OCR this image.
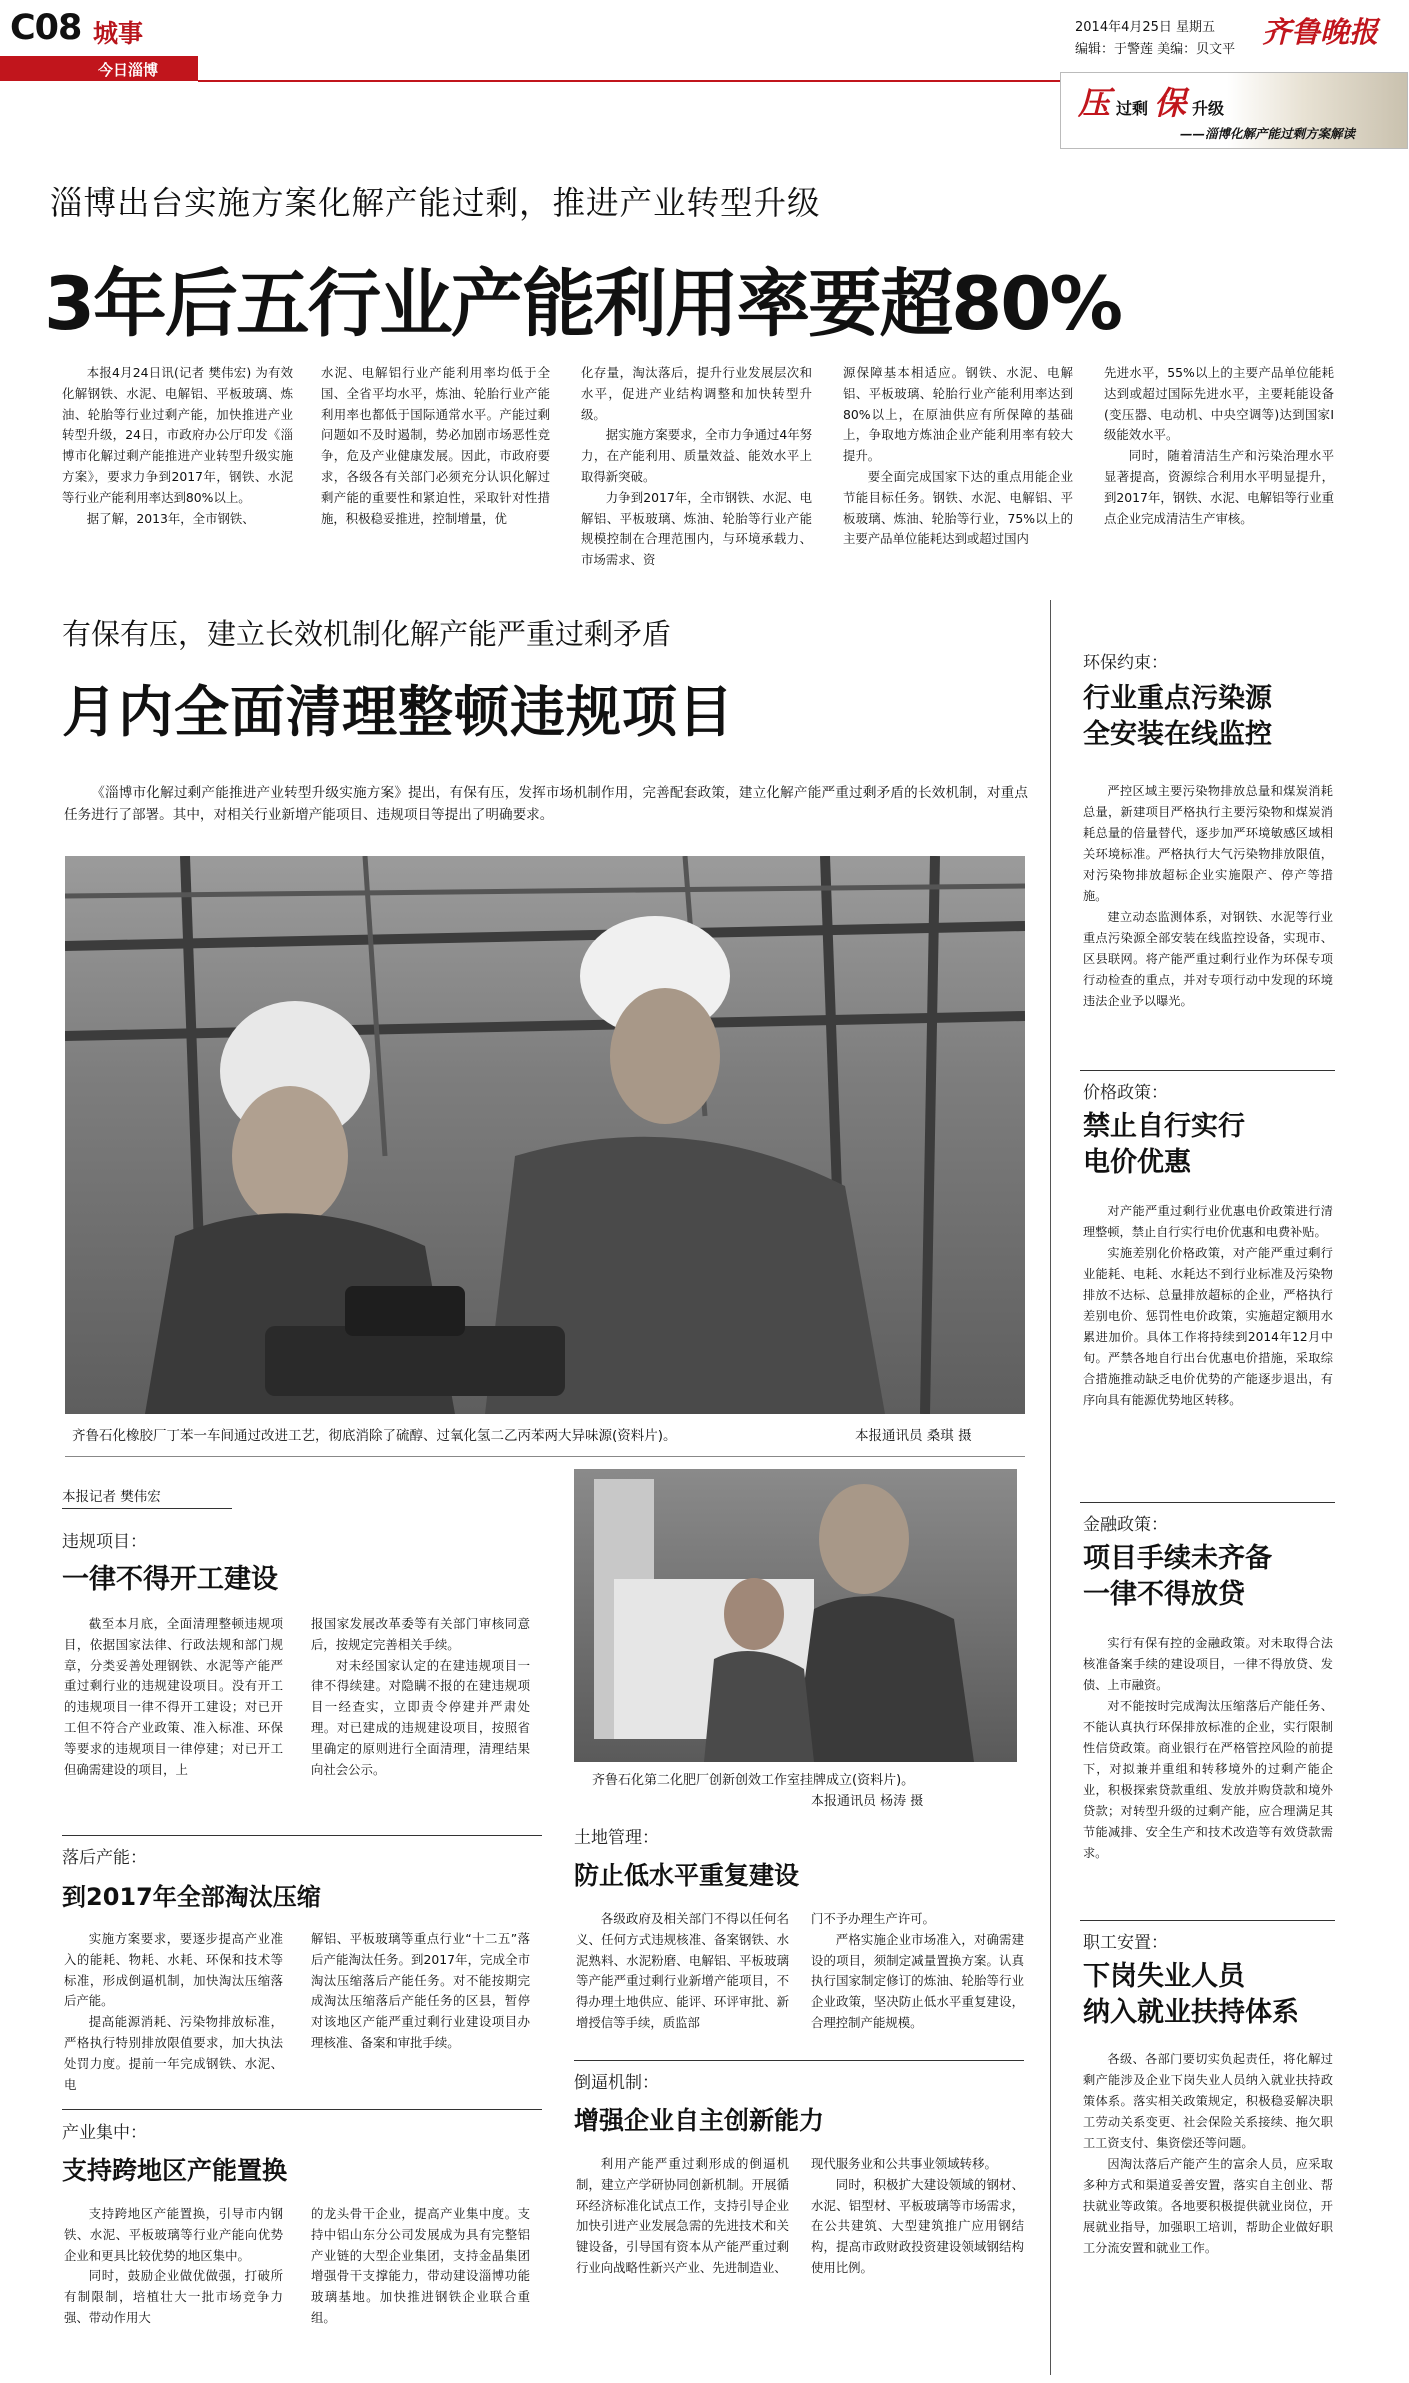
C08 城事
今日淄博
2014年4月25日 星期五
编辑：于警莲 美编：贝文平
齐鲁晚报
压过剩 保 升级
——淄博化解产能过剩方案解读
淄博出台实施方案化解产能过剩，推进产业转型升级
3年后五行业产能利用率要超80%

本报4月24日讯(记者 樊伟宏) 为有效化解钢铁、水泥、电解铝、平板玻璃、炼油、轮胎等行业过剩产能，加快推进产业转型升级，24日，市政府办公厅印发《淄博市化解过剩产能推进产业转型升级实施方案》，要求力争到2017年，钢铁、水泥等行业产能利用率达到80%以上。

据了解，2013年，全市钢铁、

水泥、电解铝行业产能利用率均低于全国、全省平均水平，炼油、轮胎行业产能利用率也都低于国际通常水平。产能过剩问题如不及时遏制，势必加剧市场恶性竞争，危及产业健康发展。因此，市政府要求，各级各有关部门必须充分认识化解过剩产能的重要性和紧迫性，采取针对性措施，积极稳妥推进，控制增量，优

化存量，淘汰落后，提升行业发展层次和水平，促进产业结构调整和加快转型升级。

据实施方案要求，全市力争通过4年努力，在产能利用、质量效益、能效水平上取得新突破。

力争到2017年，全市钢铁、水泥、电解铝、平板玻璃、炼油、轮胎等行业产能规模控制在合理范围内，与环境承载力、市场需求、资

源保障基本相适应。钢铁、水泥、电解铝、平板玻璃、轮胎行业产能利用率达到80%以上，在原油供应有所保障的基础上，争取地方炼油企业产能利用率有较大提升。

要全面完成国家下达的重点用能企业节能目标任务。钢铁、水泥、电解铝、平板玻璃、炼油、轮胎等行业，75%以上的主要产品单位能耗达到或超过国内

先进水平，55%以上的主要产品单位能耗达到或超过国际先进水平，主要耗能设备(变压器、电动机、中央空调等)达到国家Ⅰ级能效水平。

同时，随着清洁生产和污染治理水平显著提高，资源综合利用水平明显提升，到2017年，钢铁、水泥、电解铝等行业重点企业完成清洁生产审核。

有保有压，建立长效机制化解产能严重过剩矛盾
月内全面清理整顿违规项目
《淄博市化解过剩产能推进产业转型升级实施方案》提出，有保有压，发挥市场机制作用，完善配套政策，建立化解产能严重过剩矛盾的长效机制，对重点任务进行了部署。其中，对相关行业新增产能项目、违规项目等提出了明确要求。
齐鲁石化橡胶厂丁苯一车间通过改进工艺，彻底消除了硫醇、过氧化氢二乙丙苯两大异味源(资料片)。	本报通讯员 桑琪 摄
本报记者 樊伟宏
齐鲁石化第二化肥厂创新创效工作室挂牌成立(资料片)。
本报通讯员 杨涛 摄
违规项目：
一律不得开工建设

截至本月底，全面清理整顿违规项目，依据国家法律、行政法规和部门规章，分类妥善处理钢铁、水泥等产能严重过剩行业的违规建设项目。没有开工的违规项目一律不得开工建设；对已开工但不符合产业政策、准入标准、环保等要求的违规项目一律停建；对已开工但确需建设的项目，上

报国家发展改革委等有关部门审核同意后，按规定完善相关手续。

对未经国家认定的在建违规项目一律不得续建。对隐瞒不报的在建违规项目一经查实，立即责令停建并严肃处理。对已建成的违规建设项目，按照省里确定的原则进行全面清理，清理结果向社会公示。

落后产能：
到2017年全部淘汰压缩

实施方案要求，要逐步提高产业准入的能耗、物耗、水耗、环保和技术等标准，形成倒逼机制，加快淘汰压缩落后产能。

提高能源消耗、污染物排放标准，严格执行特别排放限值要求，加大执法处罚力度。提前一年完成钢铁、水泥、电

解铝、平板玻璃等重点行业“十二五”落后产能淘汰任务。到2017年，完成全市淘汰压缩落后产能任务。对不能按期完成淘汰压缩落后产能任务的区县，暂停对该地区产能严重过剩行业建设项目办理核准、备案和审批手续。

产业集中：
支持跨地区产能置换

支持跨地区产能置换，引导市内钢铁、水泥、平板玻璃等行业产能向优势企业和更具比较优势的地区集中。

同时，鼓励企业做优做强，打破所有制限制，培植壮大一批市场竞争力强、带动作用大

的龙头骨干企业，提高产业集中度。支持中铝山东分公司发展成为具有完整铝产业链的大型企业集团，支持金晶集团增强骨干支撑能力，带动建设淄博功能玻璃基地。加快推进钢铁企业联合重组。

土地管理：
防止低水平重复建设

各级政府及相关部门不得以任何名义、任何方式违规核准、备案钢铁、水泥熟料、水泥粉磨、电解铝、平板玻璃等产能严重过剩行业新增产能项目，不得办理土地供应、能评、环评审批、新增授信等手续，质监部

门不予办理生产许可。

严格实施企业市场准入，对确需建设的项目，须制定减量置换方案。认真执行国家制定修订的炼油、轮胎等行业企业政策，坚决防止低水平重复建设，合理控制产能规模。

倒逼机制：
增强企业自主创新能力

利用产能严重过剩形成的倒逼机制，建立产学研协同创新机制。开展循环经济标准化试点工作，支持引导企业加快引进产业发展急需的先进技术和关键设备，引导国有资本从产能严重过剩行业向战略性新兴产业、先进制造业、

现代服务业和公共事业领域转移。

同时，积极扩大建设领域的钢材、水泥、铝型材、平板玻璃等市场需求，在公共建筑、大型建筑推广应用钢结构，提高市政财政投资建设领域钢结构使用比例。

环保约束：
行业重点污染源
全安装在线监控

严控区域主要污染物排放总量和煤炭消耗总量，新建项目严格执行主要污染物和煤炭消耗总量的倍量替代，逐步加严环境敏感区域相关环境标准。严格执行大气污染物排放限值，对污染物排放超标企业实施限产、停产等措施。

建立动态监测体系，对钢铁、水泥等行业重点污染源全部安装在线监控设备，实现市、区县联网。将产能严重过剩行业作为环保专项行动检查的重点，并对专项行动中发现的环境违法企业予以曝光。

价格政策：
禁止自行实行
电价优惠

对产能严重过剩行业优惠电价政策进行清理整顿，禁止自行实行电价优惠和电费补贴。

实施差别化价格政策，对产能严重过剩行业能耗、电耗、水耗达不到行业标准及污染物排放不达标、总量排放超标的企业，严格执行差别电价、惩罚性电价政策，实施超定额用水累进加价。具体工作将持续到2014年12月中旬。严禁各地自行出台优惠电价措施，采取综合措施推动缺乏电价优势的产能逐步退出，有序向具有能源优势地区转移。

金融政策：
项目手续未齐备
一律不得放贷

实行有保有控的金融政策。对未取得合法核准备案手续的建设项目，一律不得放贷、发债、上市融资。

对不能按时完成淘汰压缩落后产能任务、不能认真执行环保排放标准的企业，实行限制性信贷政策。商业银行在严格管控风险的前提下，对拟兼并重组和转移境外的过剩产能企业，积极探索贷款重组、发放并购贷款和境外贷款；对转型升级的过剩产能，应合理满足其节能减排、安全生产和技术改造等有效贷款需求。

职工安置：
下岗失业人员
纳入就业扶持体系

各级、各部门要切实负起责任，将化解过剩产能涉及企业下岗失业人员纳入就业扶持政策体系。落实相关政策规定，积极稳妥解决职工劳动关系变更、社会保险关系接续、拖欠职工工资支付、集资偿还等问题。

因淘汰落后产能产生的富余人员，应采取多种方式和渠道妥善安置，落实自主创业、帮扶就业等政策。各地要积极提供就业岗位，开展就业指导，加强职工培训，帮助企业做好职工分流安置和就业工作。
